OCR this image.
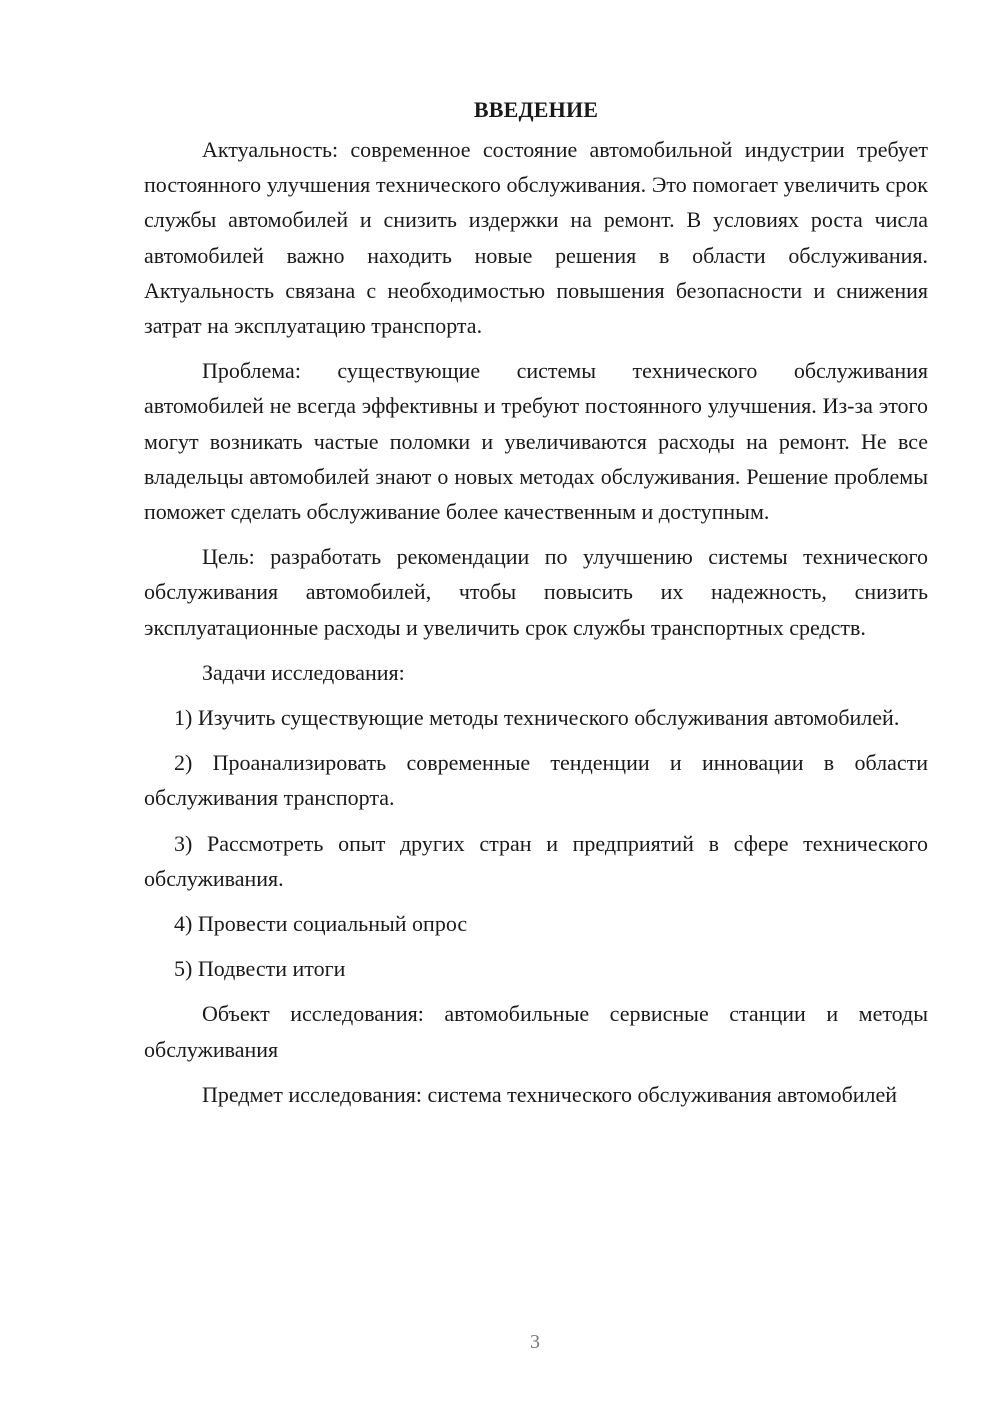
ВВЕДЕНИЕ

Актуальность: современное состояние автомобильной индустрии требует постоянного улучшения технического обслуживания. Это помогает увеличить срок службы автомобилей и снизить издержки на ремонт. В условиях роста числа автомобилей важно находить новые решения в области обслуживания. Актуальность связана с необходимостью повышения безопасности и снижения затрат на эксплуатацию транспорта.

Проблема: существующие системы технического обслуживания автомобилей не всегда эффективны и требуют постоянного улучшения. Из-за этого могут возникать частые поломки и увеличиваются расходы на ремонт. Не все владельцы автомобилей знают о новых методах обслуживания. Решение проблемы поможет сделать обслуживание более качественным и доступным.

Цель: разработать рекомендации по улучшению системы технического обслуживания автомобилей, чтобы повысить их надежность, снизить эксплуатационные расходы и увеличить срок службы транспортных средств.

Задачи исследования:

1) Изучить существующие методы технического обслуживания автомобилей.

2) Проанализировать современные тенденции и инновации в области обслуживания транспорта.

3) Рассмотреть опыт других стран и предприятий в сфере технического обслуживания.

4) Провести социальный опрос

5) Подвести итоги

Объект исследования: автомобильные сервисные станции и методы обслуживания

Предмет исследования: система технического обслуживания автомобилей

3
